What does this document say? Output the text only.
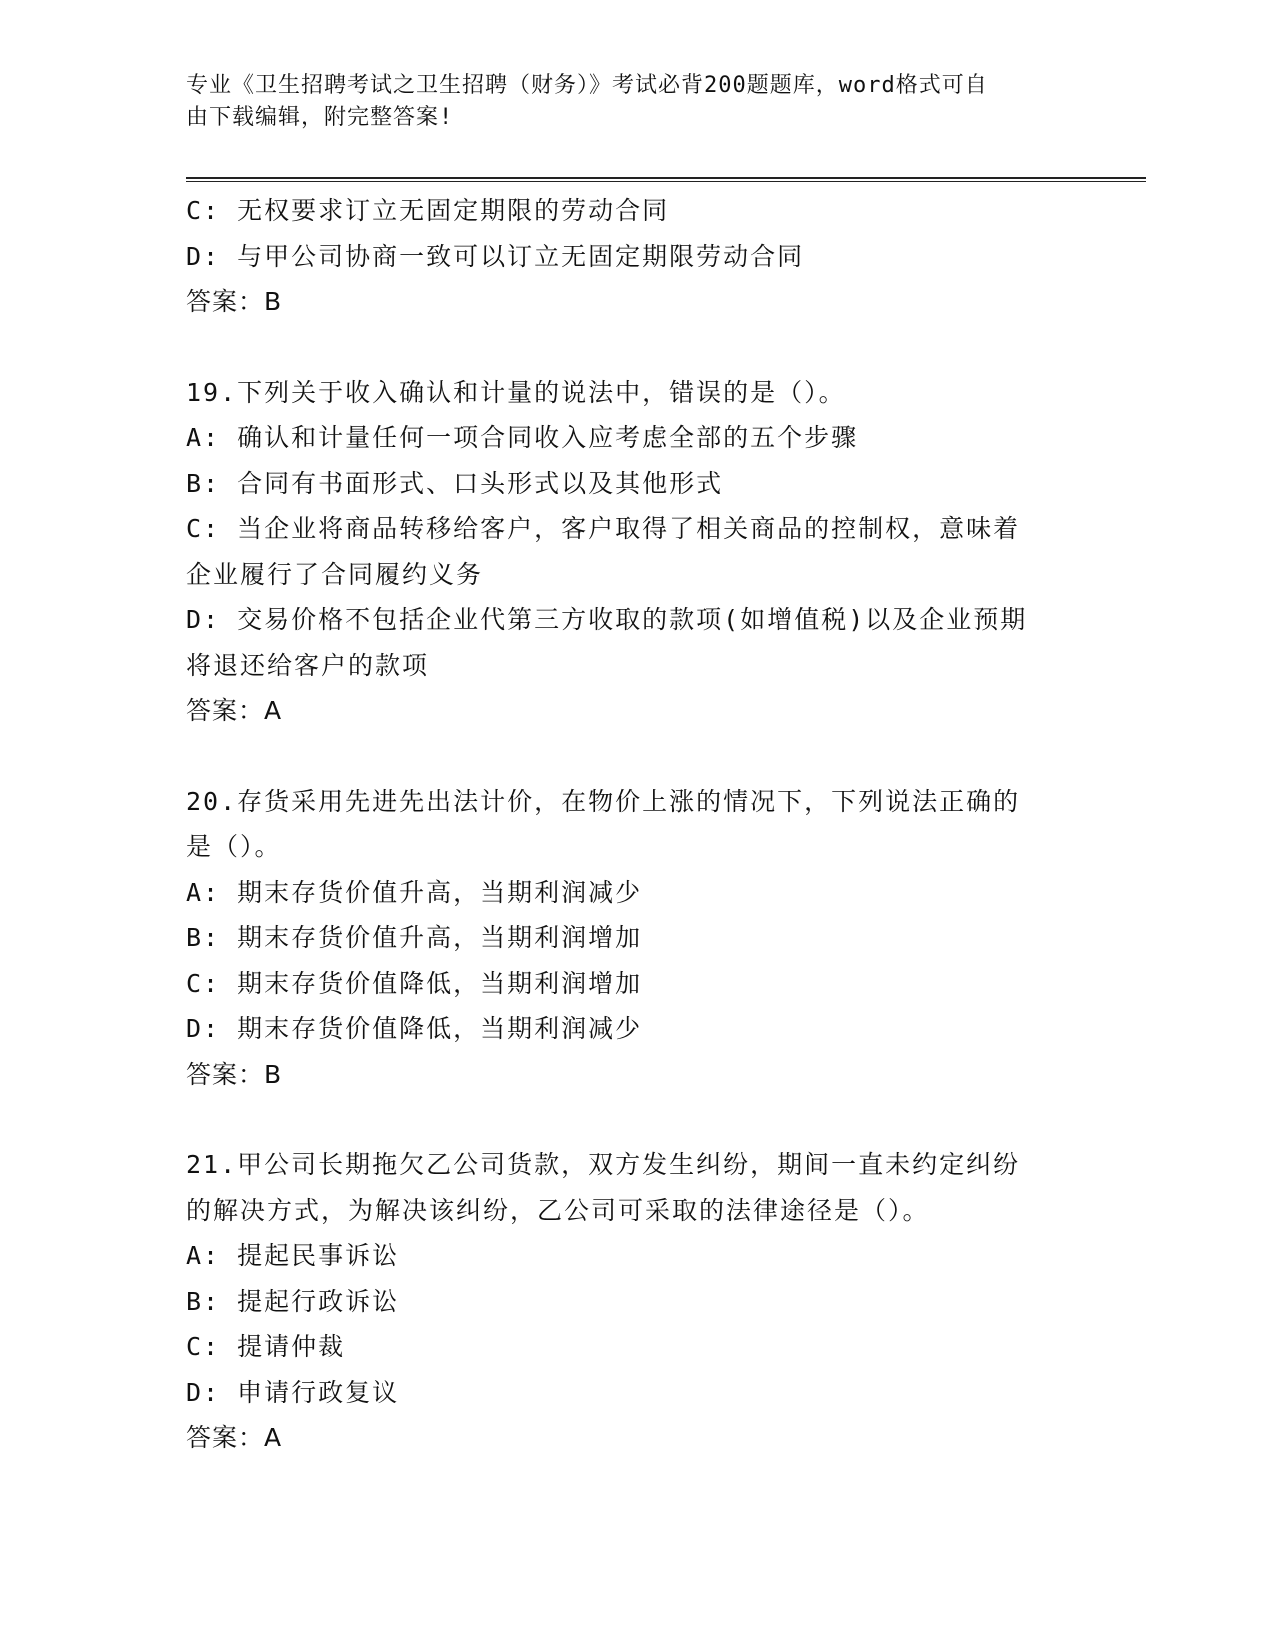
专业《卫生招聘考试之卫生招聘（财务）》考试必背200题题库，word格式可自
由下载编辑，附完整答案!
C: 无权要求订立无固定期限的劳动合同
D: 与甲公司协商一致可以订立无固定期限劳动合同
答案：B
19.下列关于收入确认和计量的说法中，错误的是（）。
A: 确认和计量任何一项合同收入应考虑全部的五个步骤
B: 合同有书面形式、口头形式以及其他形式
C: 当企业将商品转移给客户，客户取得了相关商品的控制权，意味着
企业履行了合同履约义务
D: 交易价格不包括企业代第三方收取的款项(如增值税)以及企业预期
将退还给客户的款项
答案：A
20.存货采用先进先出法计价，在物价上涨的情况下，下列说法正确的
是（）。
A: 期末存货价值升高，当期利润减少
B: 期末存货价值升高，当期利润增加
C: 期末存货价值降低，当期利润增加
D: 期末存货价值降低，当期利润减少
答案：B
21.甲公司长期拖欠乙公司货款，双方发生纠纷，期间一直未约定纠纷
的解决方式，为解决该纠纷，乙公司可采取的法律途径是（）。
A: 提起民事诉讼
B: 提起行政诉讼
C: 提请仲裁
D: 申请行政复议
答案：A
